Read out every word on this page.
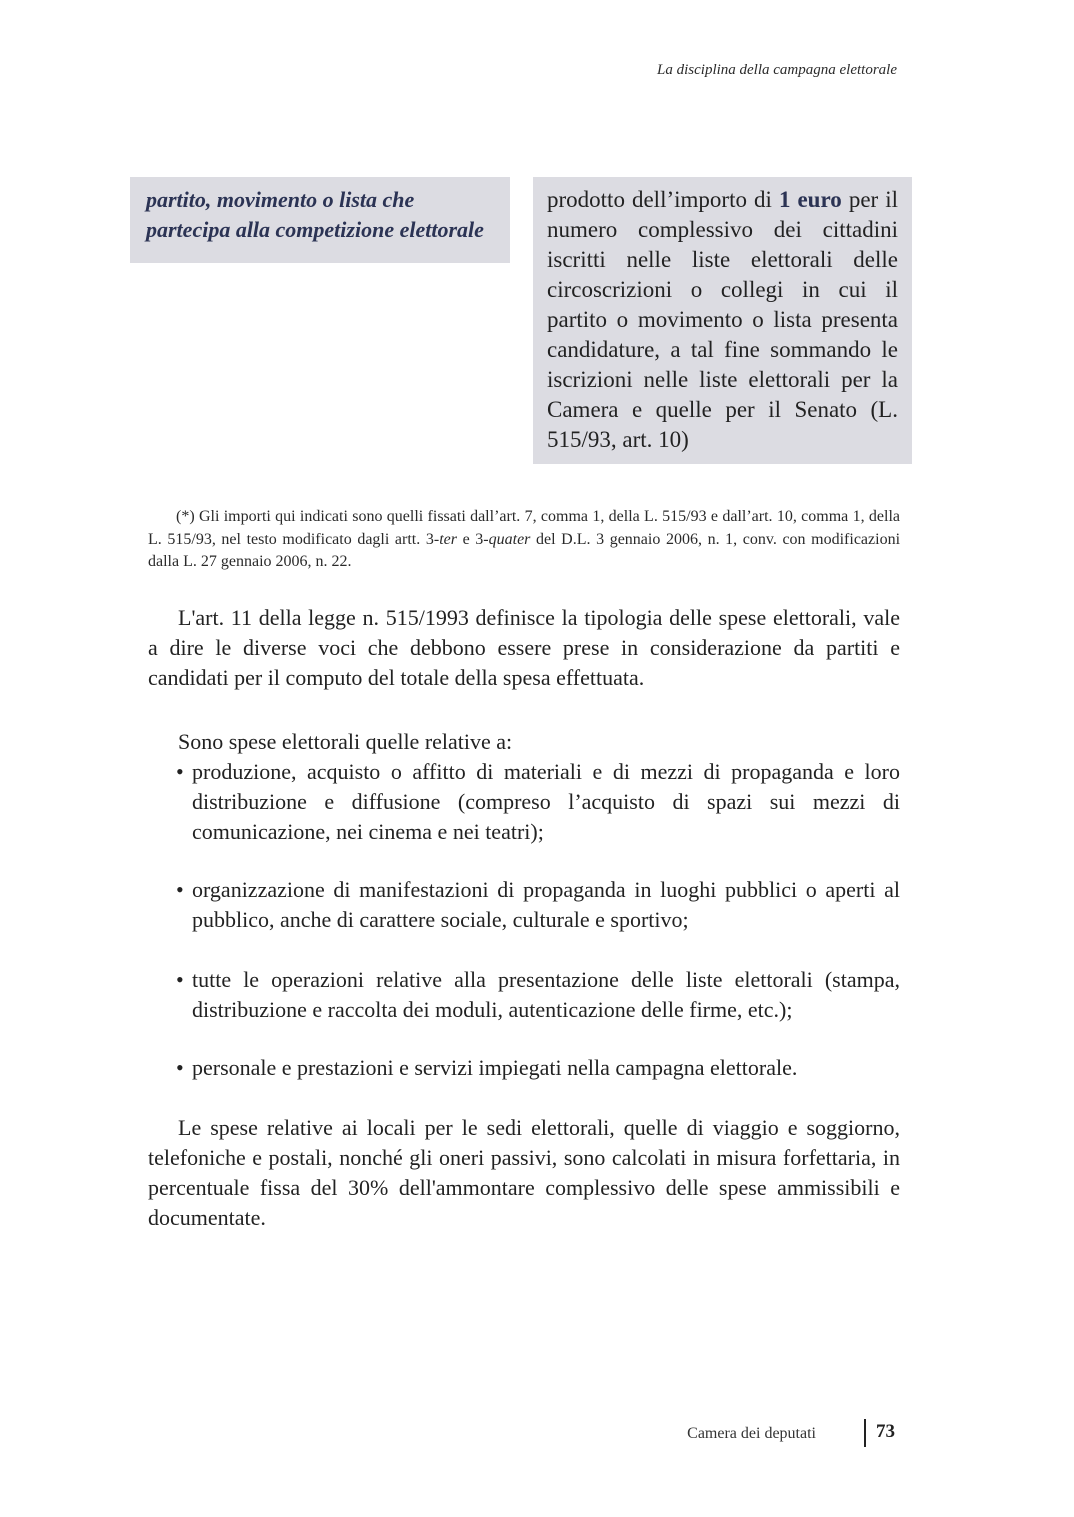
La disciplina della campagna elettorale
partito, movimento o lista che partecipa alla competizione elettorale
prodotto dell’importo di 1 euro per il numero complessivo dei cittadini iscritti nelle liste elettorali delle circoscrizioni o collegi in cui il partito o movimento o lista presenta candidature, a tal fine sommando le iscrizioni nelle liste elettorali per la Camera e quelle per il Senato (L. 515/93, art. 10)
(*) Gli importi qui indicati sono quelli fissati dall’art. 7, comma 1, della L. 515/93 e dall’art. 10, comma 1, della L. 515/93, nel testo modificato dagli artt. 3-ter e 3-quater del D.L. 3 gennaio 2006, n. 1, conv. con modificazioni dalla L. 27 gennaio 2006, n. 22.
L'art. 11 della legge n. 515/1993 definisce la tipologia delle spese elettorali, vale a dire le diverse voci che debbono essere prese in considerazione da partiti e candidati per il computo del totale della spesa effettuata.
Sono spese elettorali quelle relative a:
• produzione, acquisto o affitto di materiali e di mezzi di propaganda e loro distribuzione e diffusione (compreso l’acquisto di spazi sui mezzi di comunicazione, nei cinema e nei teatri);
• organizzazione di manifestazioni di propaganda in luoghi pubblici o aperti al pubblico, anche di carattere sociale, culturale e sportivo;
• tutte le operazioni relative alla presentazione delle liste elettorali (stampa, distribuzione e raccolta dei moduli, autenticazione delle firme, etc.);
• personale e prestazioni e servizi impiegati nella campagna elettorale.
Le spese relative ai locali per le sedi elettorali, quelle di viaggio e soggiorno, telefoniche e postali, nonché gli oneri passivi, sono calcolati in misura forfettaria, in percentuale fissa del 30% dell'ammontare complessivo delle spese ammissibili e documentate.
Camera dei deputati	73
